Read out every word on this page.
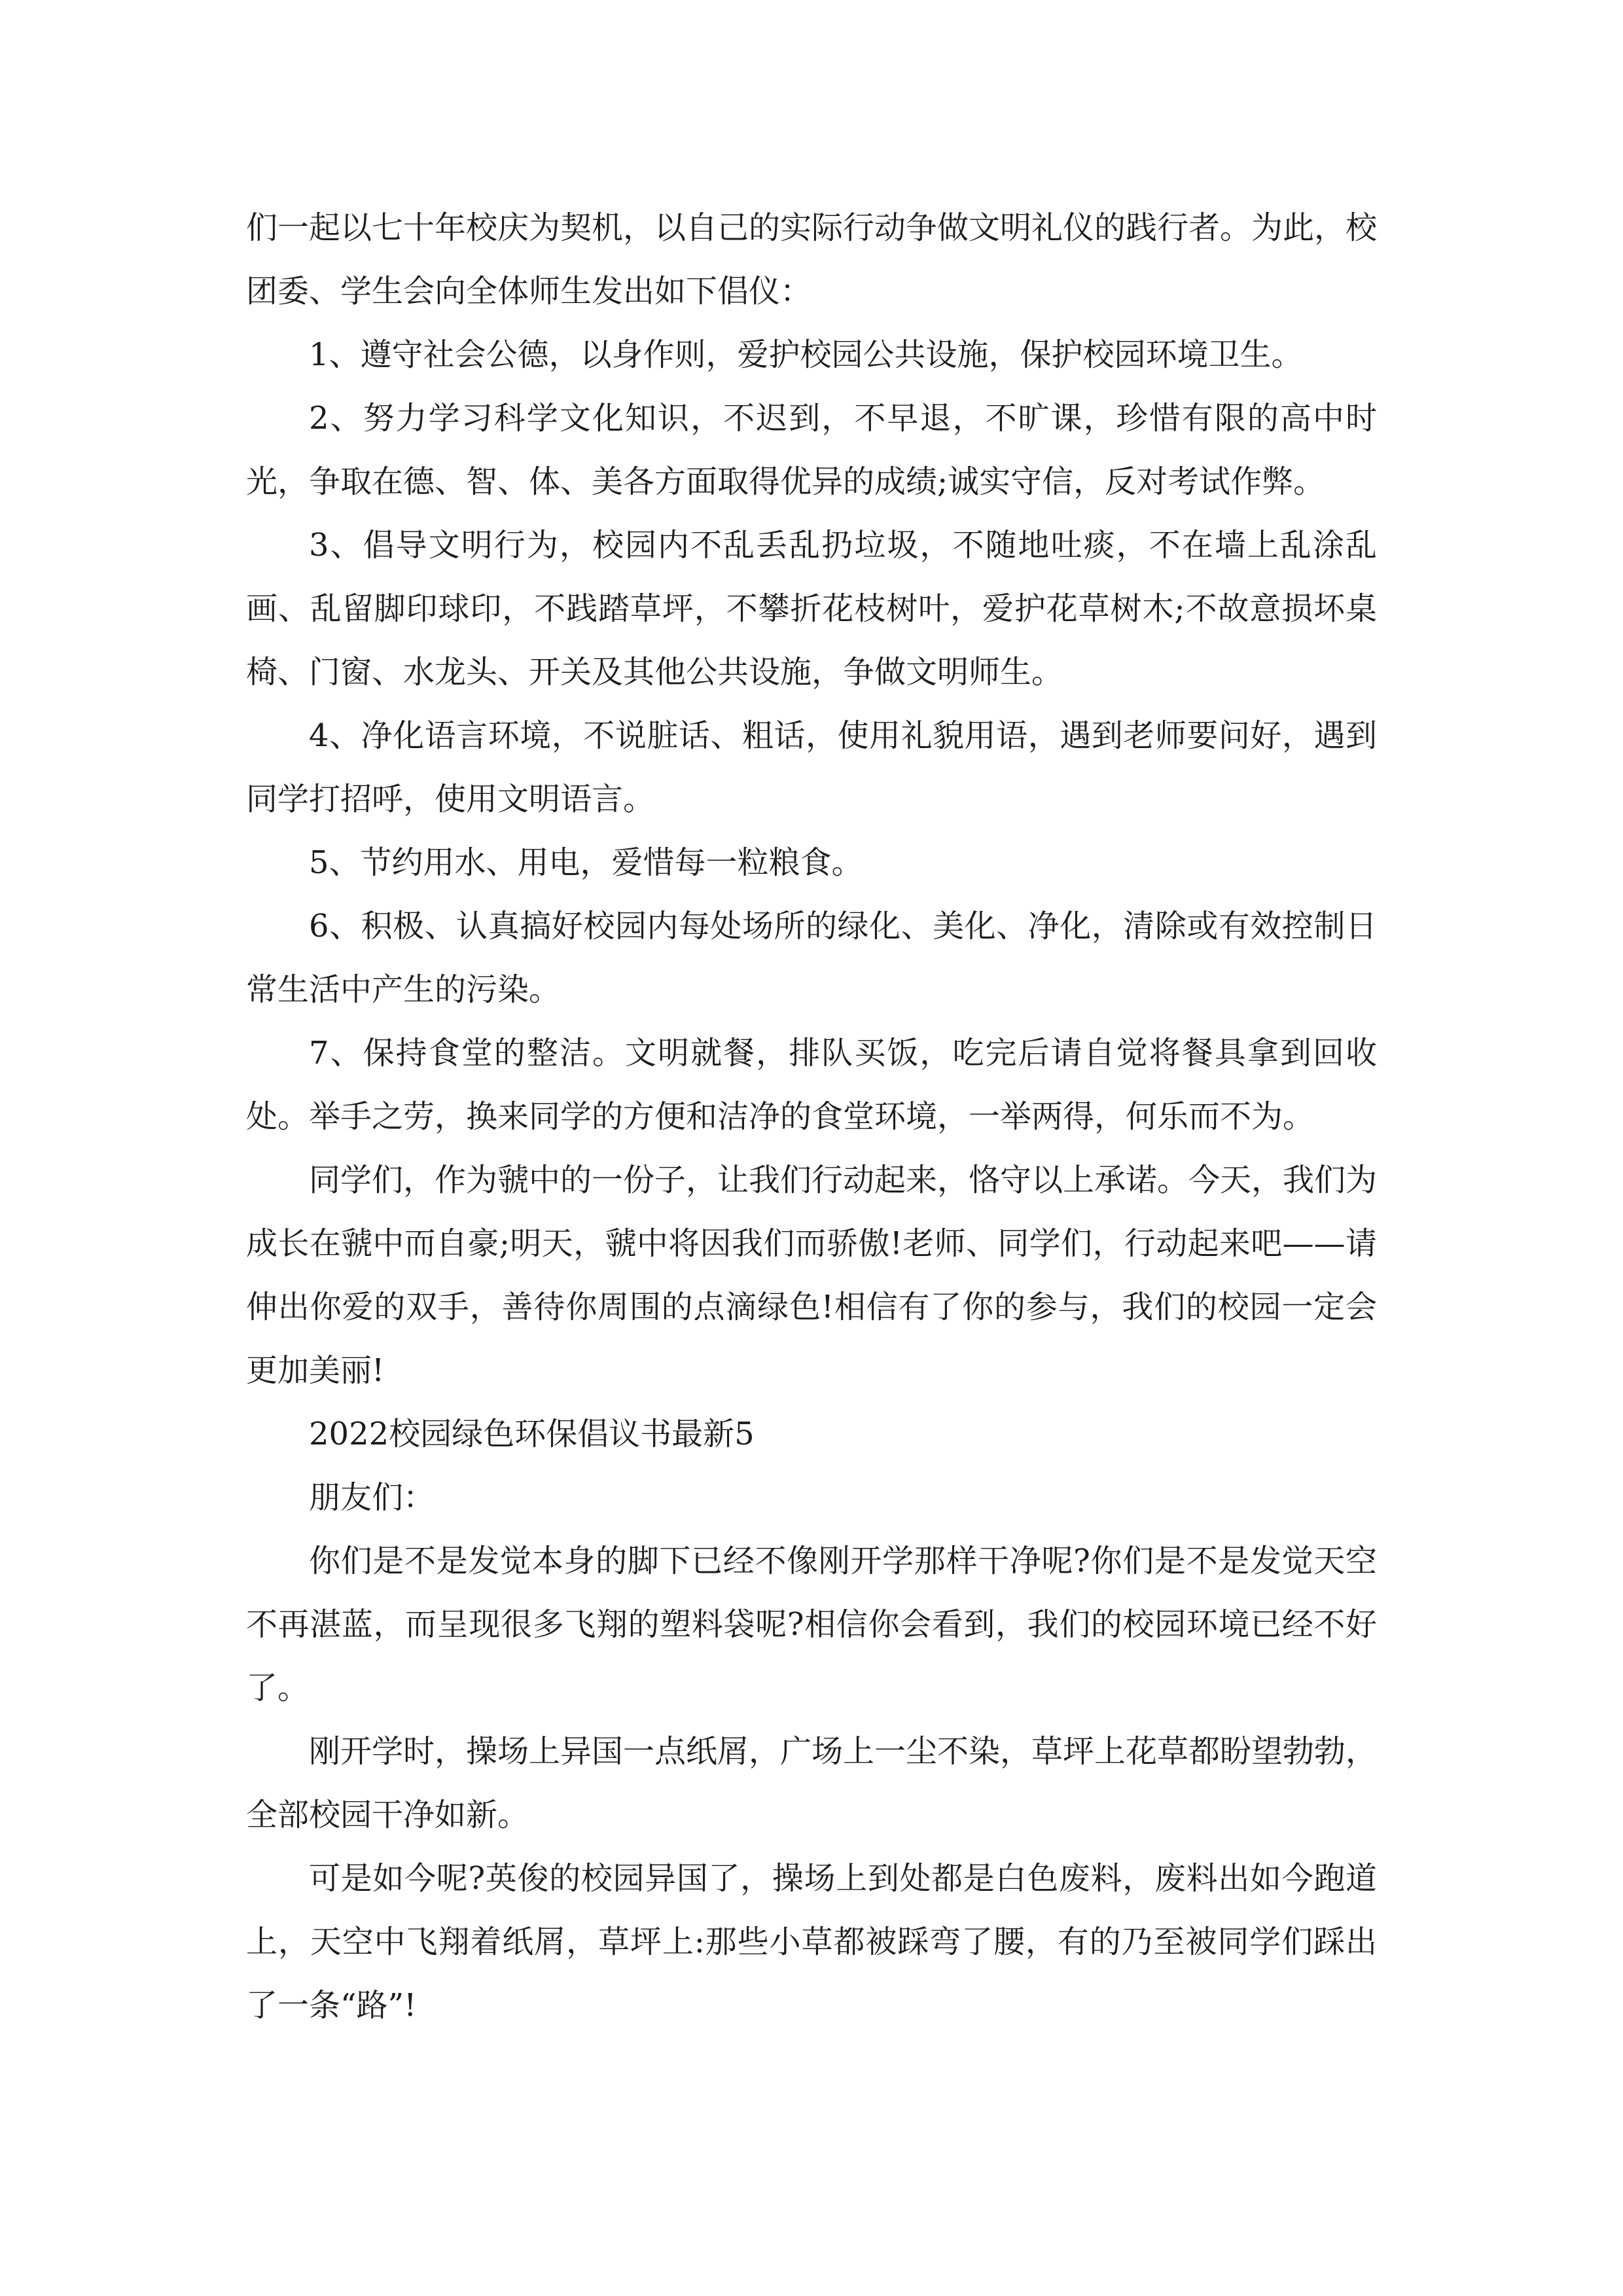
们一起以七十年校庆为契机，以自己的实际行动争做文明礼仪的践行者。为此，校团委、学生会向全体师生发出如下倡仪：

1、遵守社会公德，以身作则，爱护校园公共设施，保护校园环境卫生。

2、努力学习科学文化知识，不迟到，不早退，不旷课，珍惜有限的高中时光，争取在德、智、体、美各方面取得优异的成绩;诚实守信，反对考试作弊。

3、倡导文明行为，校园内不乱丢乱扔垃圾，不随地吐痰，不在墙上乱涂乱画、乱留脚印球印，不践踏草坪，不攀折花枝树叶，爱护花草树木;不故意损坏桌椅、门窗、水龙头、开关及其他公共设施，争做文明师生。

4、净化语言环境，不说脏话、粗话，使用礼貌用语，遇到老师要问好，遇到同学打招呼，使用文明语言。

5、节约用水、用电，爱惜每一粒粮食。

6、积极、认真搞好校园内每处场所的绿化、美化、净化，清除或有效控制日常生活中产生的污染。

7、保持食堂的整洁。文明就餐，排队买饭，吃完后请自觉将餐具拿到回收处。举手之劳，换来同学的方便和洁净的食堂环境，一举两得，何乐而不为。

同学们，作为虢中的一份子，让我们行动起来，恪守以上承诺。今天，我们为成长在虢中而自豪;明天，虢中将因我们而骄傲!老师、同学们，行动起来吧——请伸出你爱的双手，善待你周围的点滴绿色!相信有了你的参与，我们的校园一定会更加美丽!

2022校园绿色环保倡议书最新5

朋友们：

你们是不是发觉本身的脚下已经不像刚开学那样干净呢?你们是不是发觉天空不再湛蓝，而呈现很多飞翔的塑料袋呢?相信你会看到，我们的校园环境已经不好了。

刚开学时，操场上异国一点纸屑，广场上一尘不染，草坪上花草都盼望勃勃，全部校园干净如新。

可是如今呢?英俊的校园异国了，操场上到处都是白色废料，废料出如今跑道上，天空中飞翔着纸屑，草坪上:那些小草都被踩弯了腰，有的乃至被同学们踩出了一条“路”!
